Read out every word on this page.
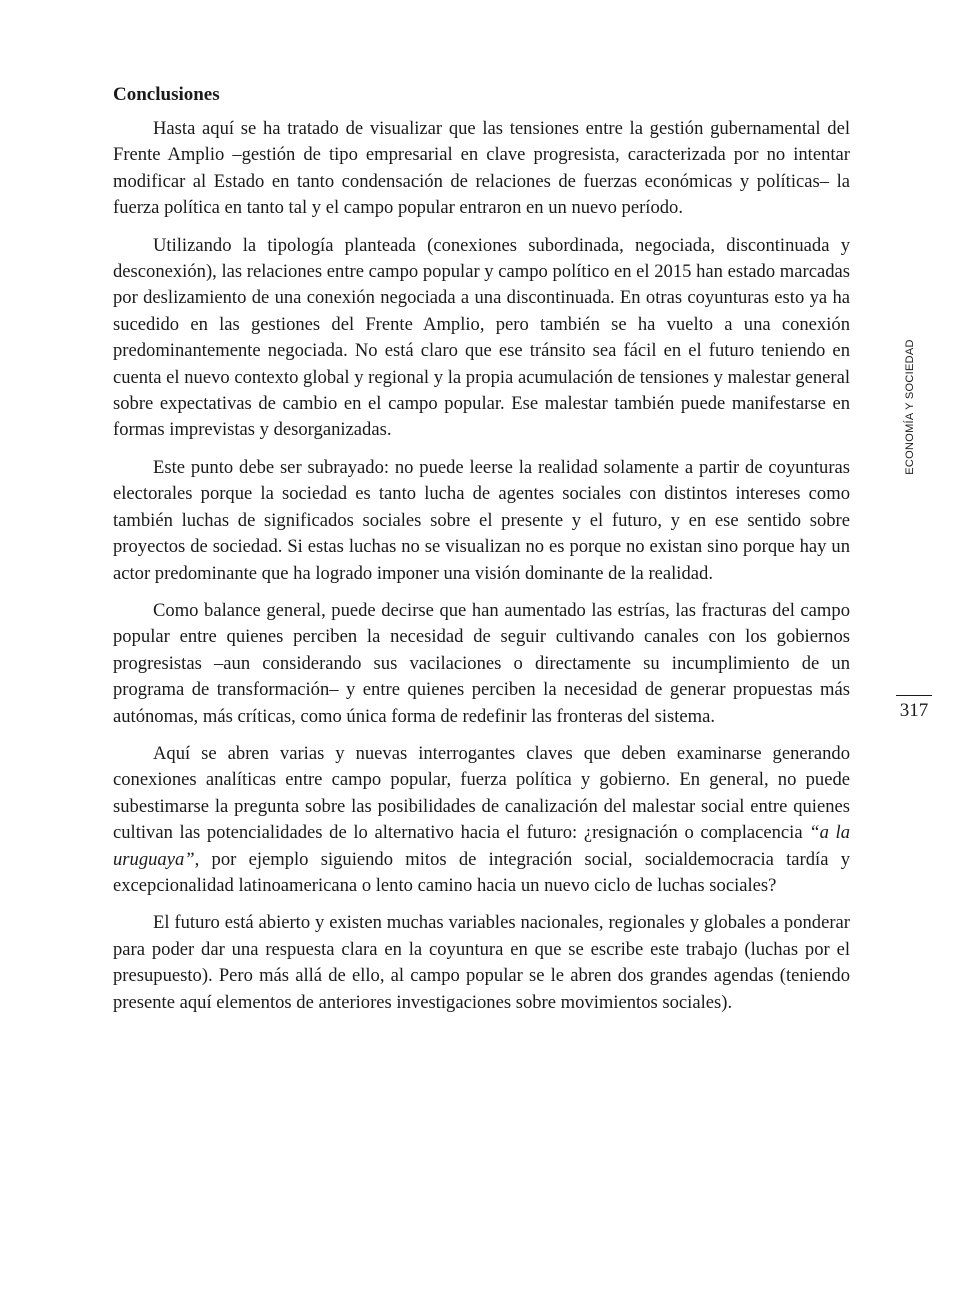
Conclusiones

Hasta aquí se ha tratado de visualizar que las tensiones entre la gestión gubernamental del Frente Amplio –gestión de tipo empresarial en clave progresista, caracterizada por no intentar modificar al Estado en tanto condensación de relaciones de fuerzas económicas y políticas– la fuerza política en tanto tal y el campo popular entraron en un nuevo período.

Utilizando la tipología planteada (conexiones subordinada, negociada, discontinuada y desconexión), las relaciones entre campo popular y campo político en el 2015 han estado marcadas por deslizamiento de una conexión negociada a una discontinuada. En otras coyunturas esto ya ha sucedido en las gestiones del Frente Amplio, pero también se ha vuelto a una conexión predominantemente negociada. No está claro que ese tránsito sea fácil en el futuro teniendo en cuenta el nuevo contexto global y regional y la propia acumulación de tensiones y malestar general sobre expectativas de cambio en el campo popular. Ese malestar también puede manifestarse en formas imprevistas y desorganizadas.

Este punto debe ser subrayado: no puede leerse la realidad solamente a partir de coyunturas electorales porque la sociedad es tanto lucha de agentes sociales con distintos intereses como también luchas de significados sociales sobre el presente y el futuro, y en ese sentido sobre proyectos de sociedad. Si estas luchas no se visualizan no es porque no existan sino porque hay un actor predominante que ha logrado imponer una visión dominante de la realidad.

Como balance general, puede decirse que han aumentado las estrías, las fracturas del campo popular entre quienes perciben la necesidad de seguir cultivando canales con los gobiernos progresistas –aun considerando sus vacilaciones o directamente su incumplimiento de un programa de transformación– y entre quienes perciben la necesidad de generar propuestas más autónomas, más críticas, como única forma de redefinir las fronteras del sistema.

Aquí se abren varias y nuevas interrogantes claves que deben examinarse generando conexiones analíticas entre campo popular, fuerza política y gobierno. En general, no puede subestimarse la pregunta sobre las posibilidades de canalización del malestar social entre quienes cultivan las potencialidades de lo alternativo hacia el futuro: ¿resignación o complacencia “a la uruguaya”, por ejemplo siguiendo mitos de integración social, socialdemocracia tardía y excepcionalidad latinoamericana o lento camino hacia un nuevo ciclo de luchas sociales?

El futuro está abierto y existen muchas variables nacionales, regionales y globales a ponderar para poder dar una respuesta clara en la coyuntura en que se escribe este trabajo (luchas por el presupuesto). Pero más allá de ello, al campo popular se le abren dos grandes agendas (teniendo presente aquí elementos de anteriores investigaciones sobre movimientos sociales).

ECONOMÍA Y SOCIEDAD
317
